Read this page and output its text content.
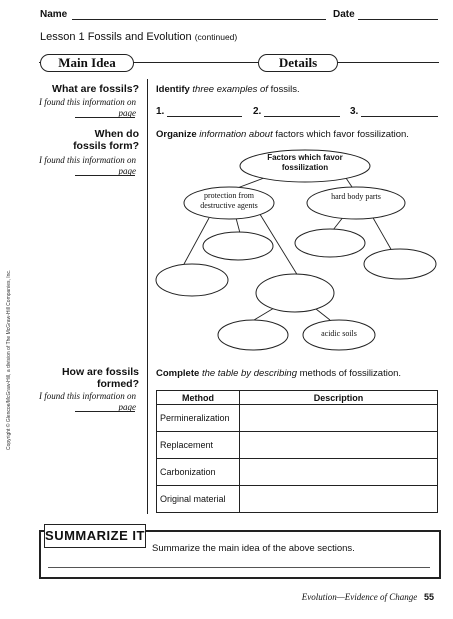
Name	Date
Lesson 1 Fossils and Evolution (continued)
Main Idea	Details
What are fossils?
I found this information on page
Identify three examples of fossils.
1.	2.	3.
When do
fossils form?
I found this information on page
Organize information about factors which favor fossilization.
Factors which favor fossilization
protection from destructive agents
hard body parts
acidic soils
How are fossils
formed?
I found this information on page
Complete the table by describing methods of fossilization.
Method	Description
Permineralization	
Replacement	
Carbonization	
Original material	
SUMMARIZE IT
Summarize the main idea of the above sections.
Evolution—Evidence of Change 55
Copyright © Glencoe/McGraw-Hill, a division of The McGraw-Hill Companies, Inc.
